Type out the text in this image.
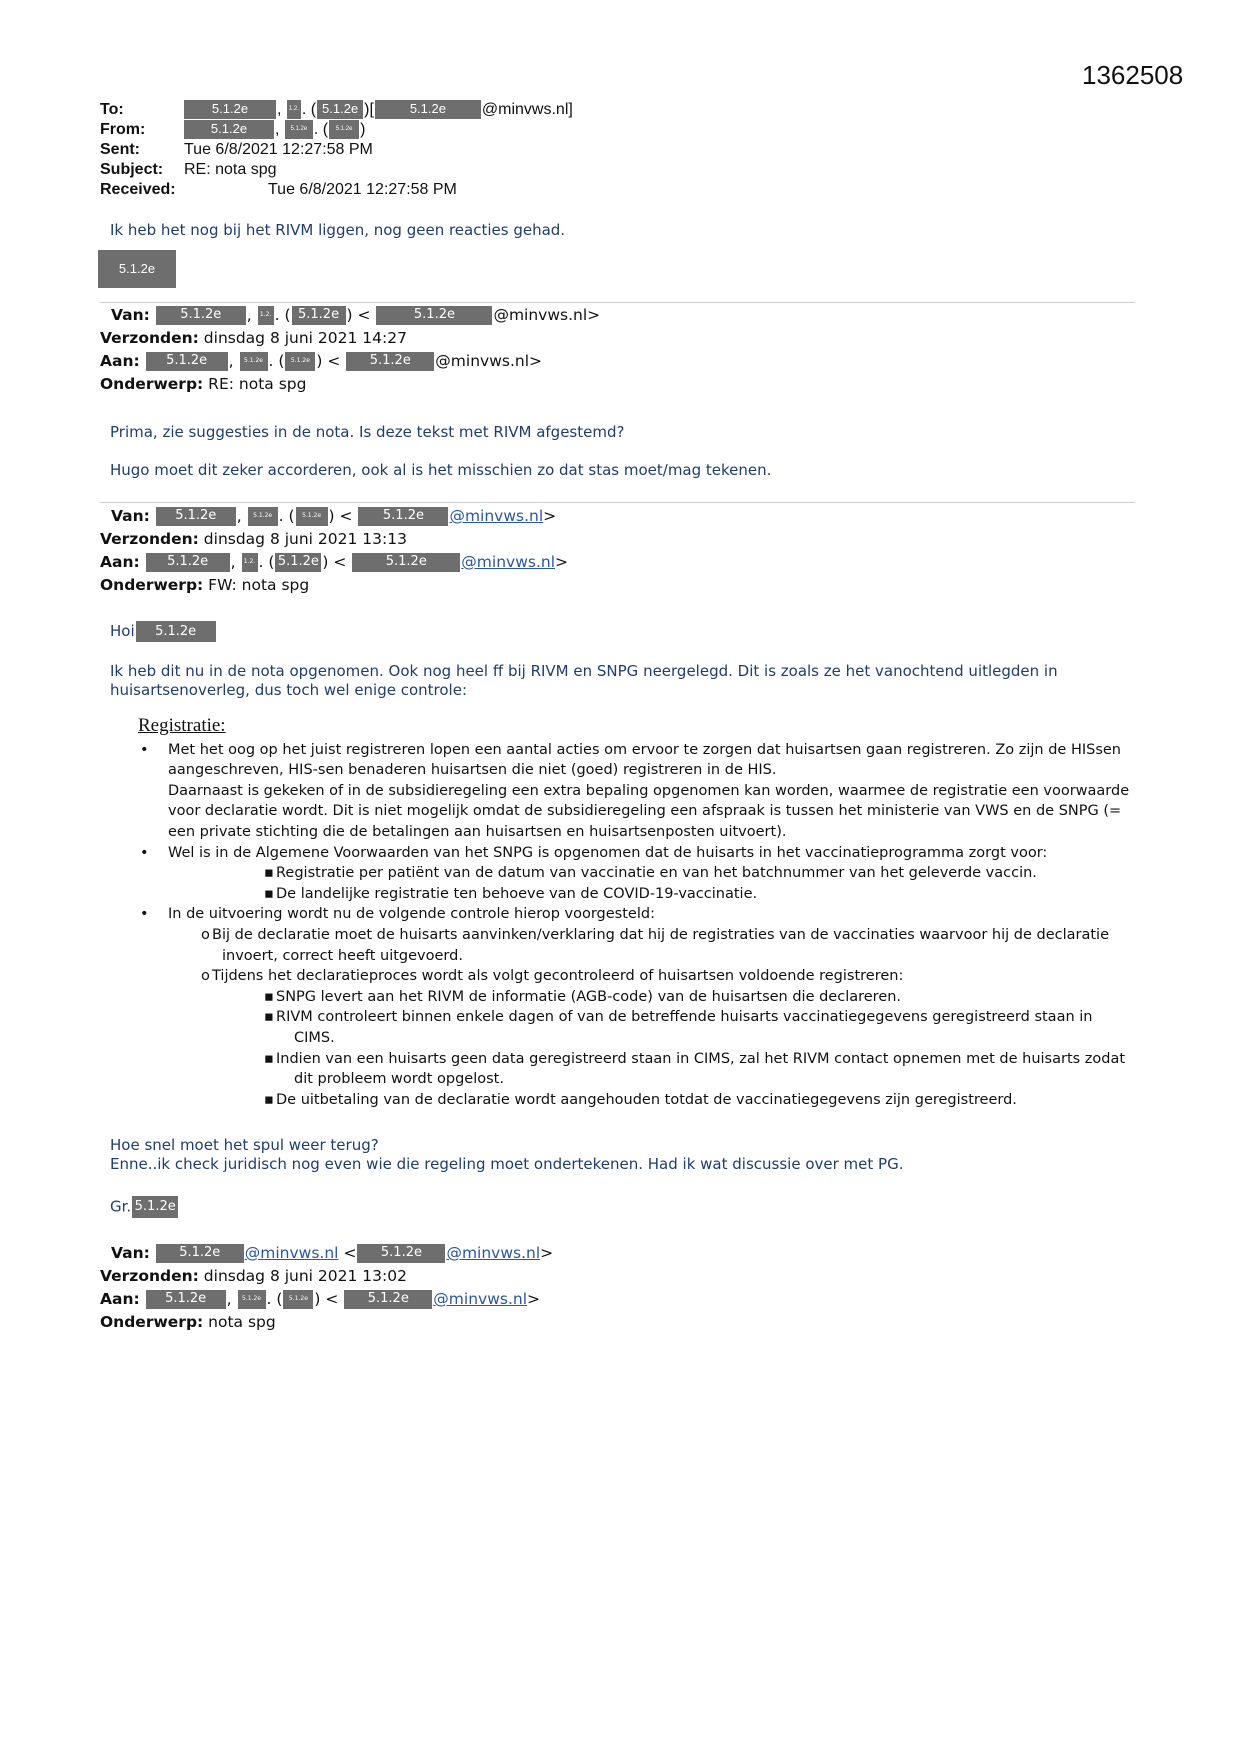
1362508
To:	5.1.2e , 1.2. . ( 5.1.2e )[	5.1.2e @minvws.nl]
From:	5.1.2e , 5.1.2e . ( 5.1.2e )
Sent:	Tue 6/8/2021 12:27:58 PM
Subject: RE: nota spg
Received:	Tue 6/8/2021 12:27:58 PM
Ik heb het nog bij het RIVM liggen, nog geen reacties gehad.
5.1.2e
Van: 5.1.2e , 1.2. . ( 5.1.2e ) <	5.1.2e @minvws.nl>
Verzonden: dinsdag 8 juni 2021 14:27
Aan: 5.1.2e , 5.1.2e . ( 5.1.2e ) < 5.1.2e @minvws.nl>
Onderwerp: RE: nota spg
Prima, zie suggesties in de nota. Is deze tekst met RIVM afgestemd?
Hugo moet dit zeker accorderen, ook al is het misschien zo dat stas moet/mag tekenen.
Van: 5.1.2e , 5.1.2e . ( 5.1.2e ) < 5.1.2e @minvws.nl>
Verzonden: dinsdag 8 juni 2021 13:13
Aan: 5.1.2e , 1.2. . ( 5.1.2e ) <	5.1.2e @minvws.nl>
Onderwerp: FW: nota spg
Hoi 5.1.2e
Ik heb dit nu in de nota opgenomen. Ook nog heel ff bij RIVM en SNPG neergelegd. Dit is zoals ze het vanochtend uitlegden in huisartsenoverleg, dus toch wel enige controle:
Registratie:
• Met het oog op het juist registreren lopen een aantal acties om ervoor te zorgen dat huisartsen gaan registreren. Zo zijn de HISsen aangeschreven, HIS-sen benaderen huisartsen die niet (goed) registreren in de HIS.
Daarnaast is gekeken of in de subsidieregeling een extra bepaling opgenomen kan worden, waarmee de registratie een voorwaarde voor declaratie wordt. Dit is niet mogelijk omdat de subsidieregeling een afspraak is tussen het ministerie van VWS en de SNPG (= een private stichting die de betalingen aan huisartsen en huisartsenposten uitvoert).
• Wel is in de Algemene Voorwaarden van het SNPG is opgenomen dat de huisarts in het vaccinatieprogramma zorgt voor:
▪ Registratie per patiënt van de datum van vaccinatie en van het batchnummer van het geleverde vaccin.
▪ De landelijke registratie ten behoeve van de COVID-19-vaccinatie.
• In de uitvoering wordt nu de volgende controle hierop voorgesteld:
o Bij de declaratie moet de huisarts aanvinken/verklaring dat hij de registraties van de vaccinaties waarvoor hij de declaratie invoert, correct heeft uitgevoerd.
o Tijdens het declaratieproces wordt als volgt gecontroleerd of huisartsen voldoende registreren:
▪ SNPG levert aan het RIVM de informatie (AGB-code) van de huisartsen die declareren.
▪ RIVM controleert binnen enkele dagen of van de betreffende huisarts vaccinatiegegevens geregistreerd staan in CIMS.
▪ Indien van een huisarts geen data geregistreerd staan in CIMS, zal het RIVM contact opnemen met de huisarts zodat dit probleem wordt opgelost.
▪ De uitbetaling van de declaratie wordt aangehouden totdat de vaccinatiegegevens zijn geregistreerd.
Hoe snel moet het spul weer terug?
Enne..ik check juridisch nog even wie die regeling moet ondertekenen. Had ik wat discussie over met PG.
Gr. 5.1.2e
Van: 5.1.2e @minvws.nl < 5.1.2e @minvws.nl>
Verzonden: dinsdag 8 juni 2021 13:02
Aan: 5.1.2e , 5.1.2e . ( 5.1.2e ) < 5.1.2e @minvws.nl>
Onderwerp: nota spg
